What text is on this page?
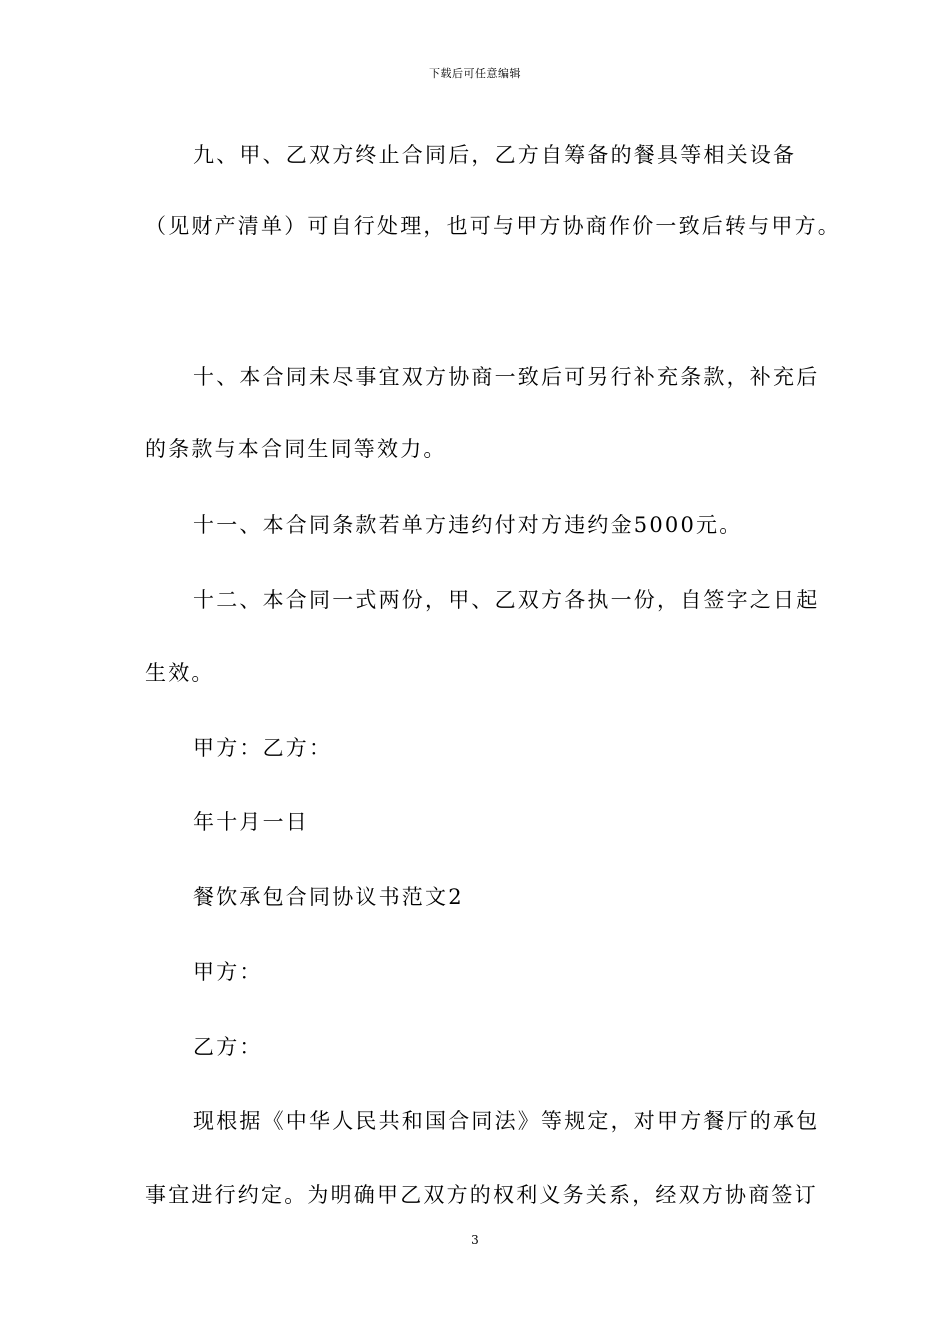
下载后可任意编辑
九、甲、乙双方终止合同后，乙方自筹备的餐具等相关设备
（见财产清单）可自行处理，也可与甲方协商作价一致后转与甲方。
十、本合同未尽事宜双方协商一致后可另行补充条款，补充后
的条款与本合同生同等效力。
十一、本合同条款若单方违约付对方违约金5000元。
十二、本合同一式两份，甲、乙双方各执一份，自签字之日起
生效。
甲方：乙方：
年十月一日
餐饮承包合同协议书范文2
甲方：
乙方：
现根据《中华人民共和国合同法》等规定，对甲方餐厅的承包
事宜进行约定。为明确甲乙双方的权利义务关系，经双方协商签订
3
